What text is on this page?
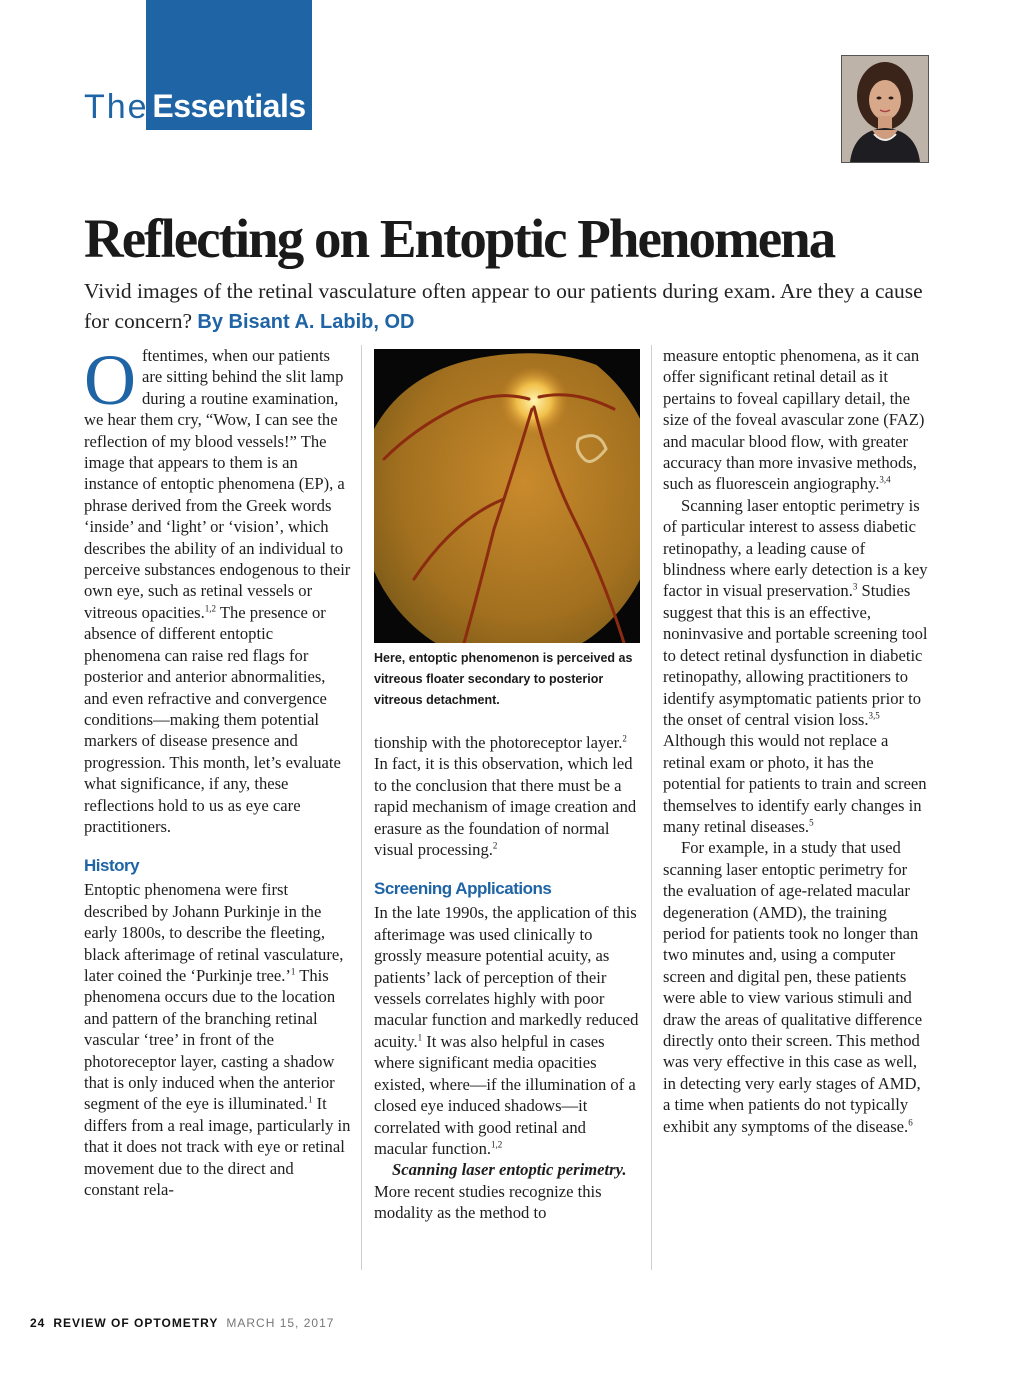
The Essentials
Reflecting on Entoptic Phenomena
Vivid images of the retinal vasculature often appear to our patients during exam. Are they a cause for concern? By Bisant A. Labib, OD

Oftentimes, when our patients are sitting behind the slit lamp during a routine examination, we hear them cry, “Wow, I can see the reflection of my blood vessels!” The image that appears to them is an instance of entoptic phenomena (EP), a phrase derived from the Greek words ‘inside’ and ‘light’ or ‘vision’, which describes the ability of an individual to perceive substances endogenous to their own eye, such as retinal vessels or vitreous opacities.$^{1,2}$ The presence or absence of different entoptic phenomena can raise red flags for posterior and anterior abnormalities, and even refractive and convergence conditions—making them potential markers of disease presence and progression. This month, let’s evaluate what significance, if any, these reflections hold to us as eye care practitioners.

History

Entoptic phenomena were first described by Johann Purkinje in the early 1800s, to describe the fleeting, black afterimage of retinal vasculature, later coined the ‘Purkinje tree.’$^1$ This phenomena occurs due to the location and pattern of the branching retinal vascular ‘tree’ in front of the photoreceptor layer, casting a shadow that is only induced when the anterior segment of the eye is illuminated.$^1$ It differs from a real image, particularly in that it does not track with eye or retinal movement due to the direct and constant rela-

Here, entoptic phenomenon is perceived as vitreous floater secondary to posterior vitreous detachment.

tionship with the photoreceptor layer.$^2$ In fact, it is this observation, which led to the conclusion that there must be a rapid mechanism of image creation and erasure as the foundation of normal visual processing.$^2$

Screening Applications

In the late 1990s, the application of this afterimage was used clinically to grossly measure potential acuity, as patients’ lack of perception of their vessels correlates highly with poor macular function and markedly reduced acuity.$^1$ It was also helpful in cases where significant media opacities existed, where—if the illumination of a closed eye induced shadows—it correlated with good retinal and macular function.$^{1,2}$

Scanning laser entoptic perimetry. More recent studies recognize this modality as the method to

measure entoptic phenomena, as it can offer significant retinal detail as it pertains to foveal capillary detail, the size of the foveal avascular zone (FAZ) and macular blood flow, with greater accuracy than more invasive methods, such as fluorescein angiography.$^{3,4}$

Scanning laser entoptic perimetry is of particular interest to assess diabetic retinopathy, a leading cause of blindness where early detection is a key factor in visual preservation.$^3$ Studies suggest that this is an effective, noninvasive and portable screening tool to detect retinal dysfunction in diabetic retinopathy, allowing practitioners to identify asymptomatic patients prior to the onset of central vision loss.$^{3,5}$ Although this would not replace a retinal exam or photo, it has the potential for patients to train and screen themselves to identify early changes in many retinal diseases.$^5$

For example, in a study that used scanning laser entoptic perimetry for the evaluation of age-related macular degeneration (AMD), the training period for patients took no longer than two minutes and, using a computer screen and digital pen, these patients were able to view various stimuli and draw the areas of qualitative difference directly onto their screen. This method was very effective in this case as well, in detecting very early stages of AMD, a time when patients do not typically exhibit any symptoms of the disease.$^6$

24 REVIEW OF OPTOMETRY MARCH 15, 2017
